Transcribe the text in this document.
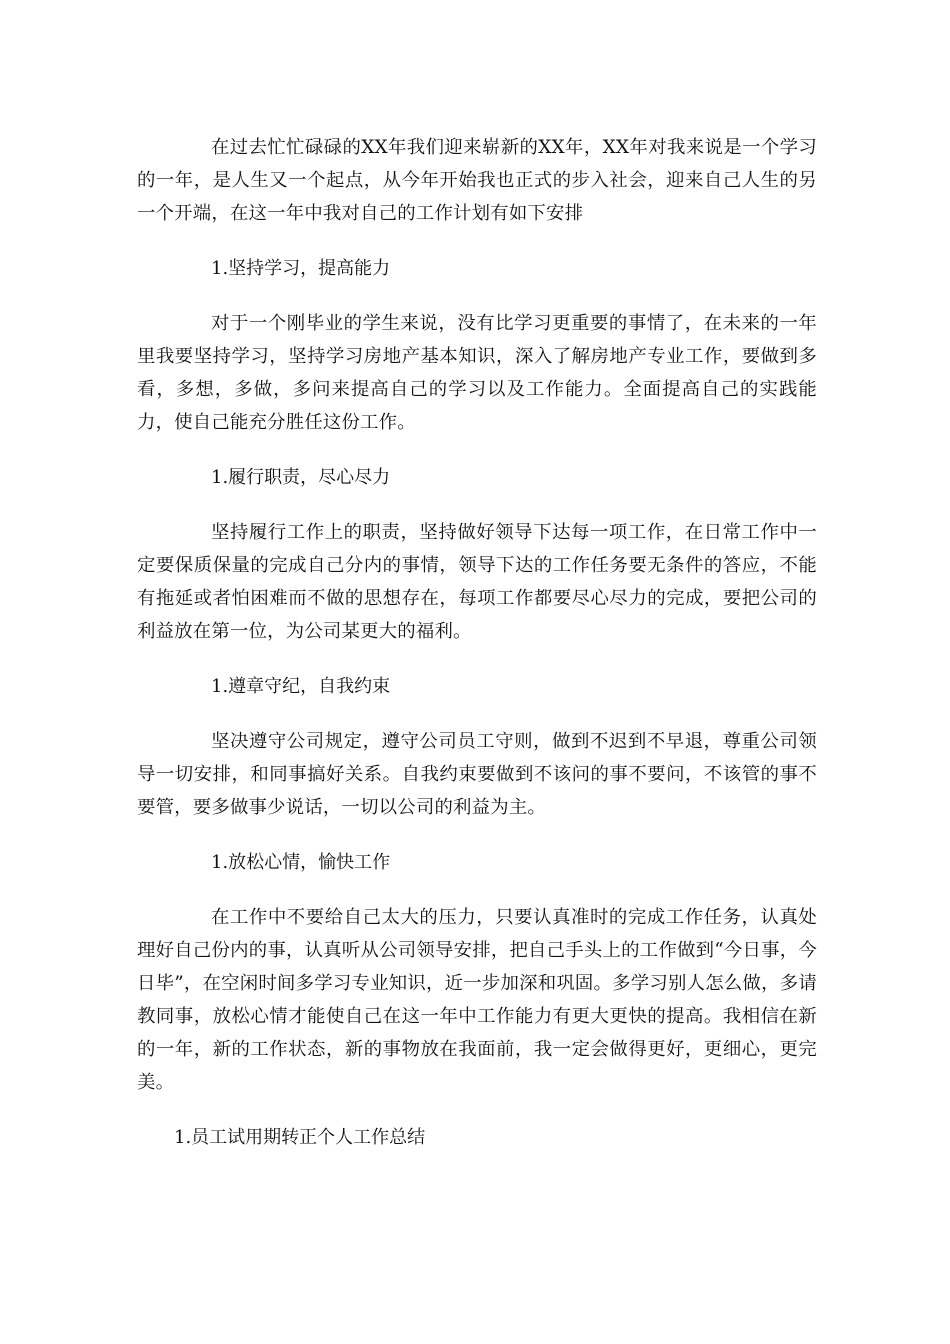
在过去忙忙碌碌的XX年我们迎来崭新的XX年，XX年对我来说是一个学习的一年，是人生又一个起点，从今年开始我也正式的步入社会，迎来自己人生的另一个开端，在这一年中我对自己的工作计划有如下安排

1.坚持学习，提高能力

对于一个刚毕业的学生来说，没有比学习更重要的事情了，在未来的一年里我要坚持学习，坚持学习房地产基本知识，深入了解房地产专业工作，要做到多看，多想，多做，多问来提高自己的学习以及工作能力。全面提高自己的实践能力，使自己能充分胜任这份工作。

1.履行职责，尽心尽力

坚持履行工作上的职责，坚持做好领导下达每一项工作，在日常工作中一定要保质保量的完成自己分内的事情，领导下达的工作任务要无条件的答应，不能有拖延或者怕困难而不做的思想存在，每项工作都要尽心尽力的完成，要把公司的利益放在第一位，为公司某更大的福利。

1.遵章守纪，自我约束

坚决遵守公司规定，遵守公司员工守则，做到不迟到不早退，尊重公司领导一切安排，和同事搞好关系。自我约束要做到不该问的事不要问，不该管的事不要管，要多做事少说话，一切以公司的利益为主。

1.放松心情，愉快工作

在工作中不要给自己太大的压力，只要认真准时的完成工作任务，认真处理好自己份内的事，认真听从公司领导安排，把自己手头上的工作做到“今日事，今日毕”，在空闲时间多学习专业知识，近一步加深和巩固。多学习别人怎么做，多请教同事，放松心情才能使自己在这一年中工作能力有更大更快的提高。我相信在新的一年，新的工作状态，新的事物放在我面前，我一定会做得更好，更细心，更完美。

1.员工试用期转正个人工作总结
